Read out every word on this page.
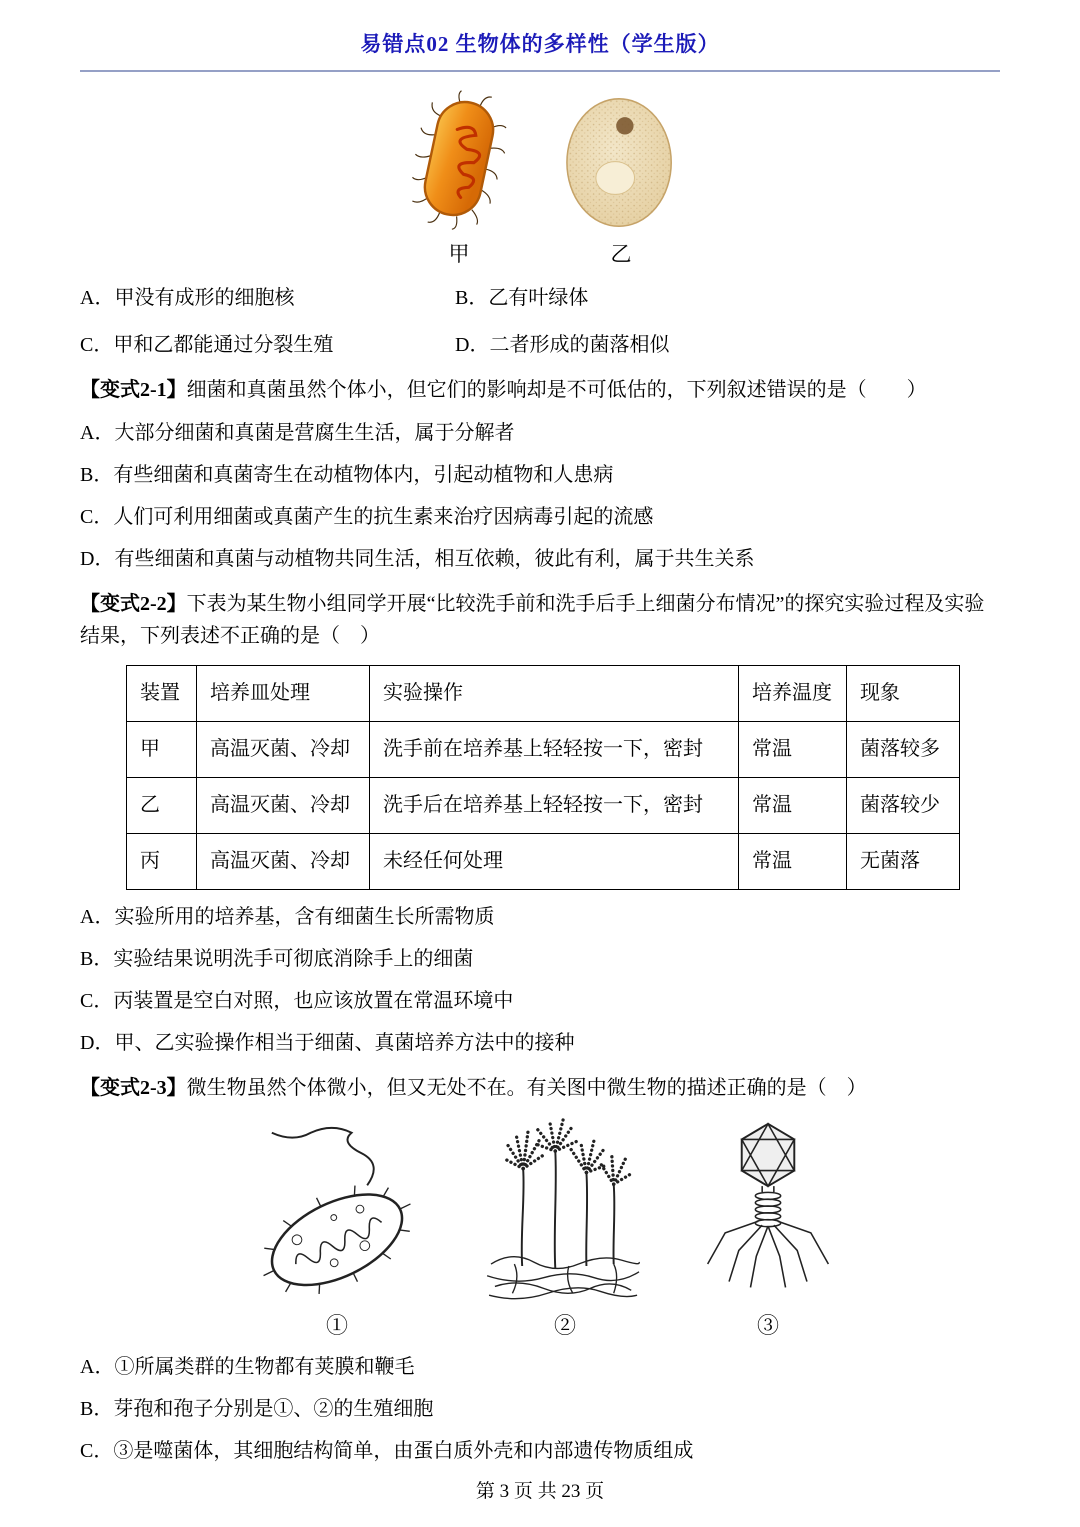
易错点02 生物体的多样性（学生版）
甲	乙
A．甲没有成形的细胞核	B．乙有叶绿体
C．甲和乙都能通过分裂生殖	D．二者形成的菌落相似

【变式2-1】细菌和真菌虽然个体小，但它们的影响却是不可低估的，下列叙述错误的是（　　）

A．大部分细菌和真菌是营腐生生活，属于分解者

B．有些细菌和真菌寄生在动植物体内，引起动植物和人患病

C．人们可利用细菌或真菌产生的抗生素来治疗因病毒引起的流感

D．有些细菌和真菌与动植物共同生活，相互依赖，彼此有利，属于共生关系

【变式2-2】下表为某生物小组同学开展“比较洗手前和洗手后手上细菌分布情况”的探究实验过程及实验结果，下列表述不正确的是（　）

装置	培养皿处理	实验操作	培养温度	现象
甲	高温灭菌、冷却	洗手前在培养基上轻轻按一下，密封	常温	菌落较多
乙	高温灭菌、冷却	洗手后在培养基上轻轻按一下，密封	常温	菌落较少
丙	高温灭菌、冷却	未经任何处理	常温	无菌落

A．实验所用的培养基，含有细菌生长所需物质

B．实验结果说明洗手可彻底消除手上的细菌

C．丙装置是空白对照，也应该放置在常温环境中

D．甲、乙实验操作相当于细菌、真菌培养方法中的接种

【变式2-3】微生物虽然个体微小，但又无处不在。有关图中微生物的描述正确的是（　）

①	②	③

A．①所属类群的生物都有荚膜和鞭毛

B．芽孢和孢子分别是①、②的生殖细胞

C．③是噬菌体，其细胞结构简单，由蛋白质外壳和内部遗传物质组成

第 3 页 共 23 页
